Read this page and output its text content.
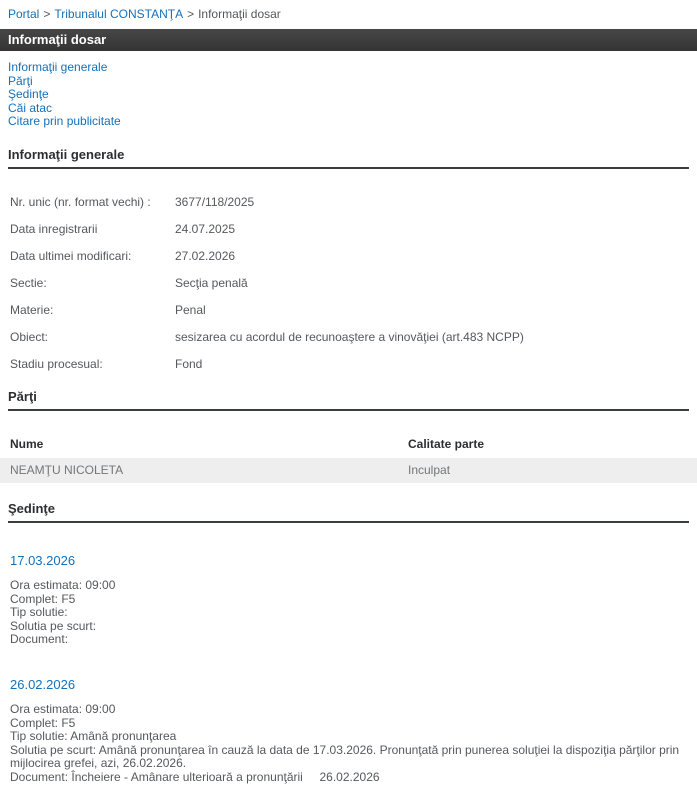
Portal > Tribunalul CONSTANŢA > Informaţii dosar
Informaţii dosar
Informaţii generale
Părţi
Şedinţe
Căi atac
Citare prin publicitate
Informaţii generale
Nr. unic (nr. format vechi) :	3677/118/2025
Data inregistrarii	24.07.2025
Data ultimei modificari:	27.02.2026
Sectie:	Secţia penală
Materie:	Penal
Obiect:	sesizarea cu acordul de recunoaştere a vinovăţiei (art.483 NCPP)
Stadiu procesual:	Fond
Părţi
Nume	Calitate parte
NEAMŢU NICOLETA	Inculpat
Şedinţe
17.03.2026
Ora estimata: 09:00
Complet: F5
Tip solutie:
Solutia pe scurt:
Document:
26.02.2026
Ora estimata: 09:00
Complet: F5
Tip solutie: Amână pronunţarea
Solutia pe scurt: Amână pronunţarea în cauză la data de 17.03.2026. Pronunţată prin punerea soluţiei la dispoziţia părţilor prin mijlocirea grefei, azi, 26.02.2026.
Document: Încheiere - Amânare ulterioară a pronunţării     26.02.2026
